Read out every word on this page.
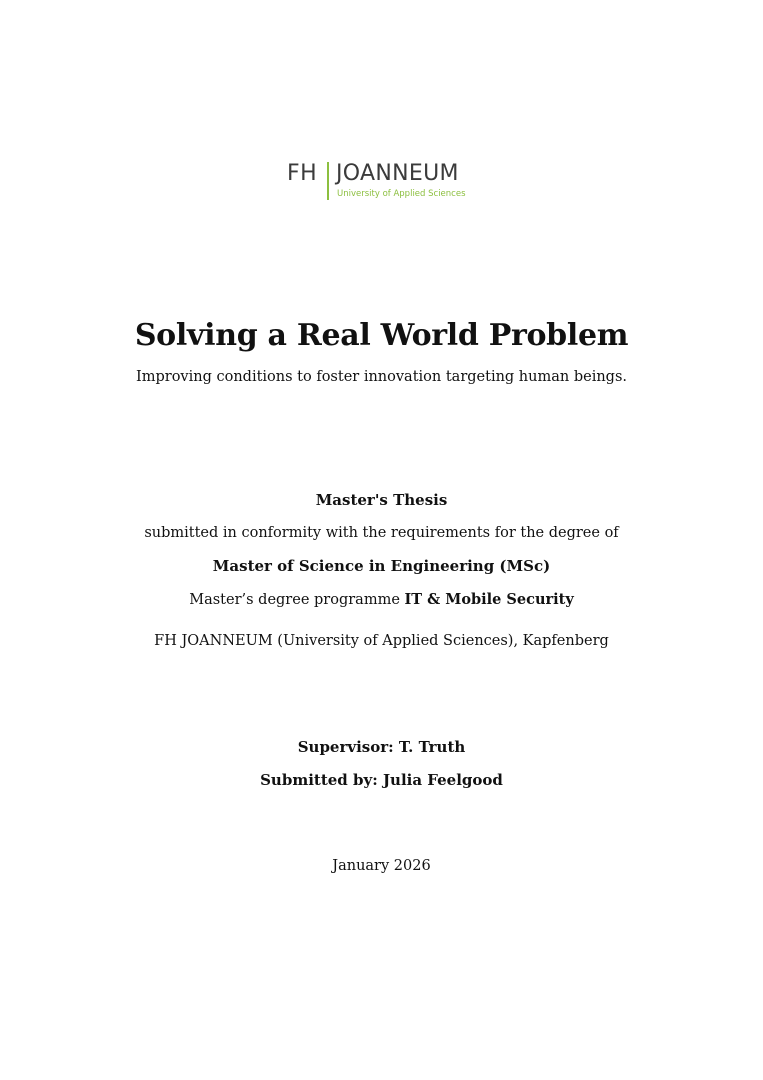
FH JOANNEUM
University of Applied Sciences
Solving a Real World Problem
Improving conditions to foster innovation targeting human beings.
Master's Thesis
submitted in conformity with the requirements for the degree of
Master of Science in Engineering (MSc)
Master’s degree programme IT & Mobile Security
FH JOANNEUM (University of Applied Sciences), Kapfenberg
Supervisor: T. Truth
Submitted by: Julia Feelgood
January 2026
